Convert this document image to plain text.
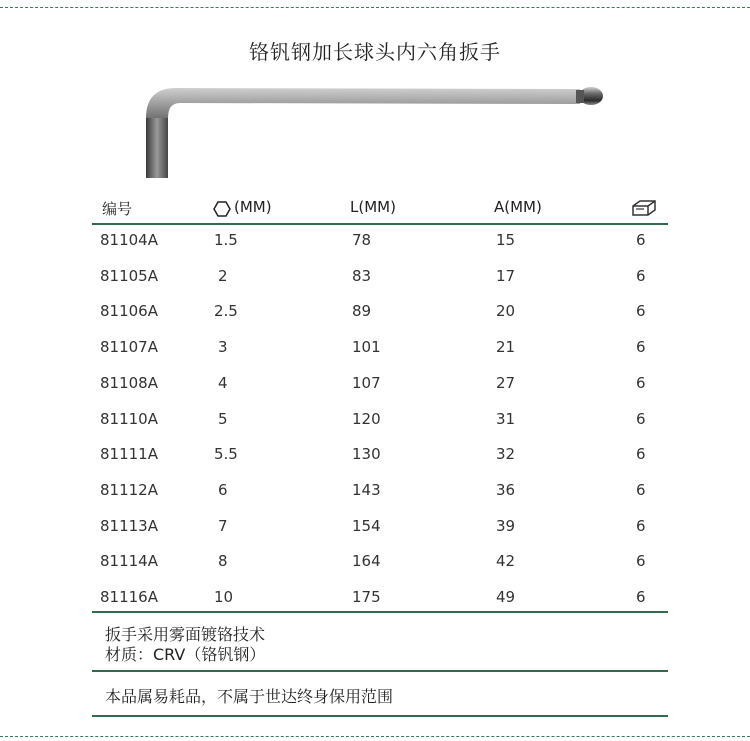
铬钒钢加长球头内六角扳手
编号	(MM)	L(MM)	A(MM)
81104A	1.5	78	15	6
81105A	2	83	17	6
81106A	2.5	89	20	6
81107A	3	101	21	6
81108A	4	107	27	6
81110A	5	120	31	6
81111A	5.5	130	32	6
81112A	6	143	36	6
81113A	7	154	39	6
81114A	8	164	42	6
81116A	10	175	49	6
扳手采用雾面镀铬技术
材质：CRV（铬钒钢）
本品属易耗品，不属于世达终身保用范围
